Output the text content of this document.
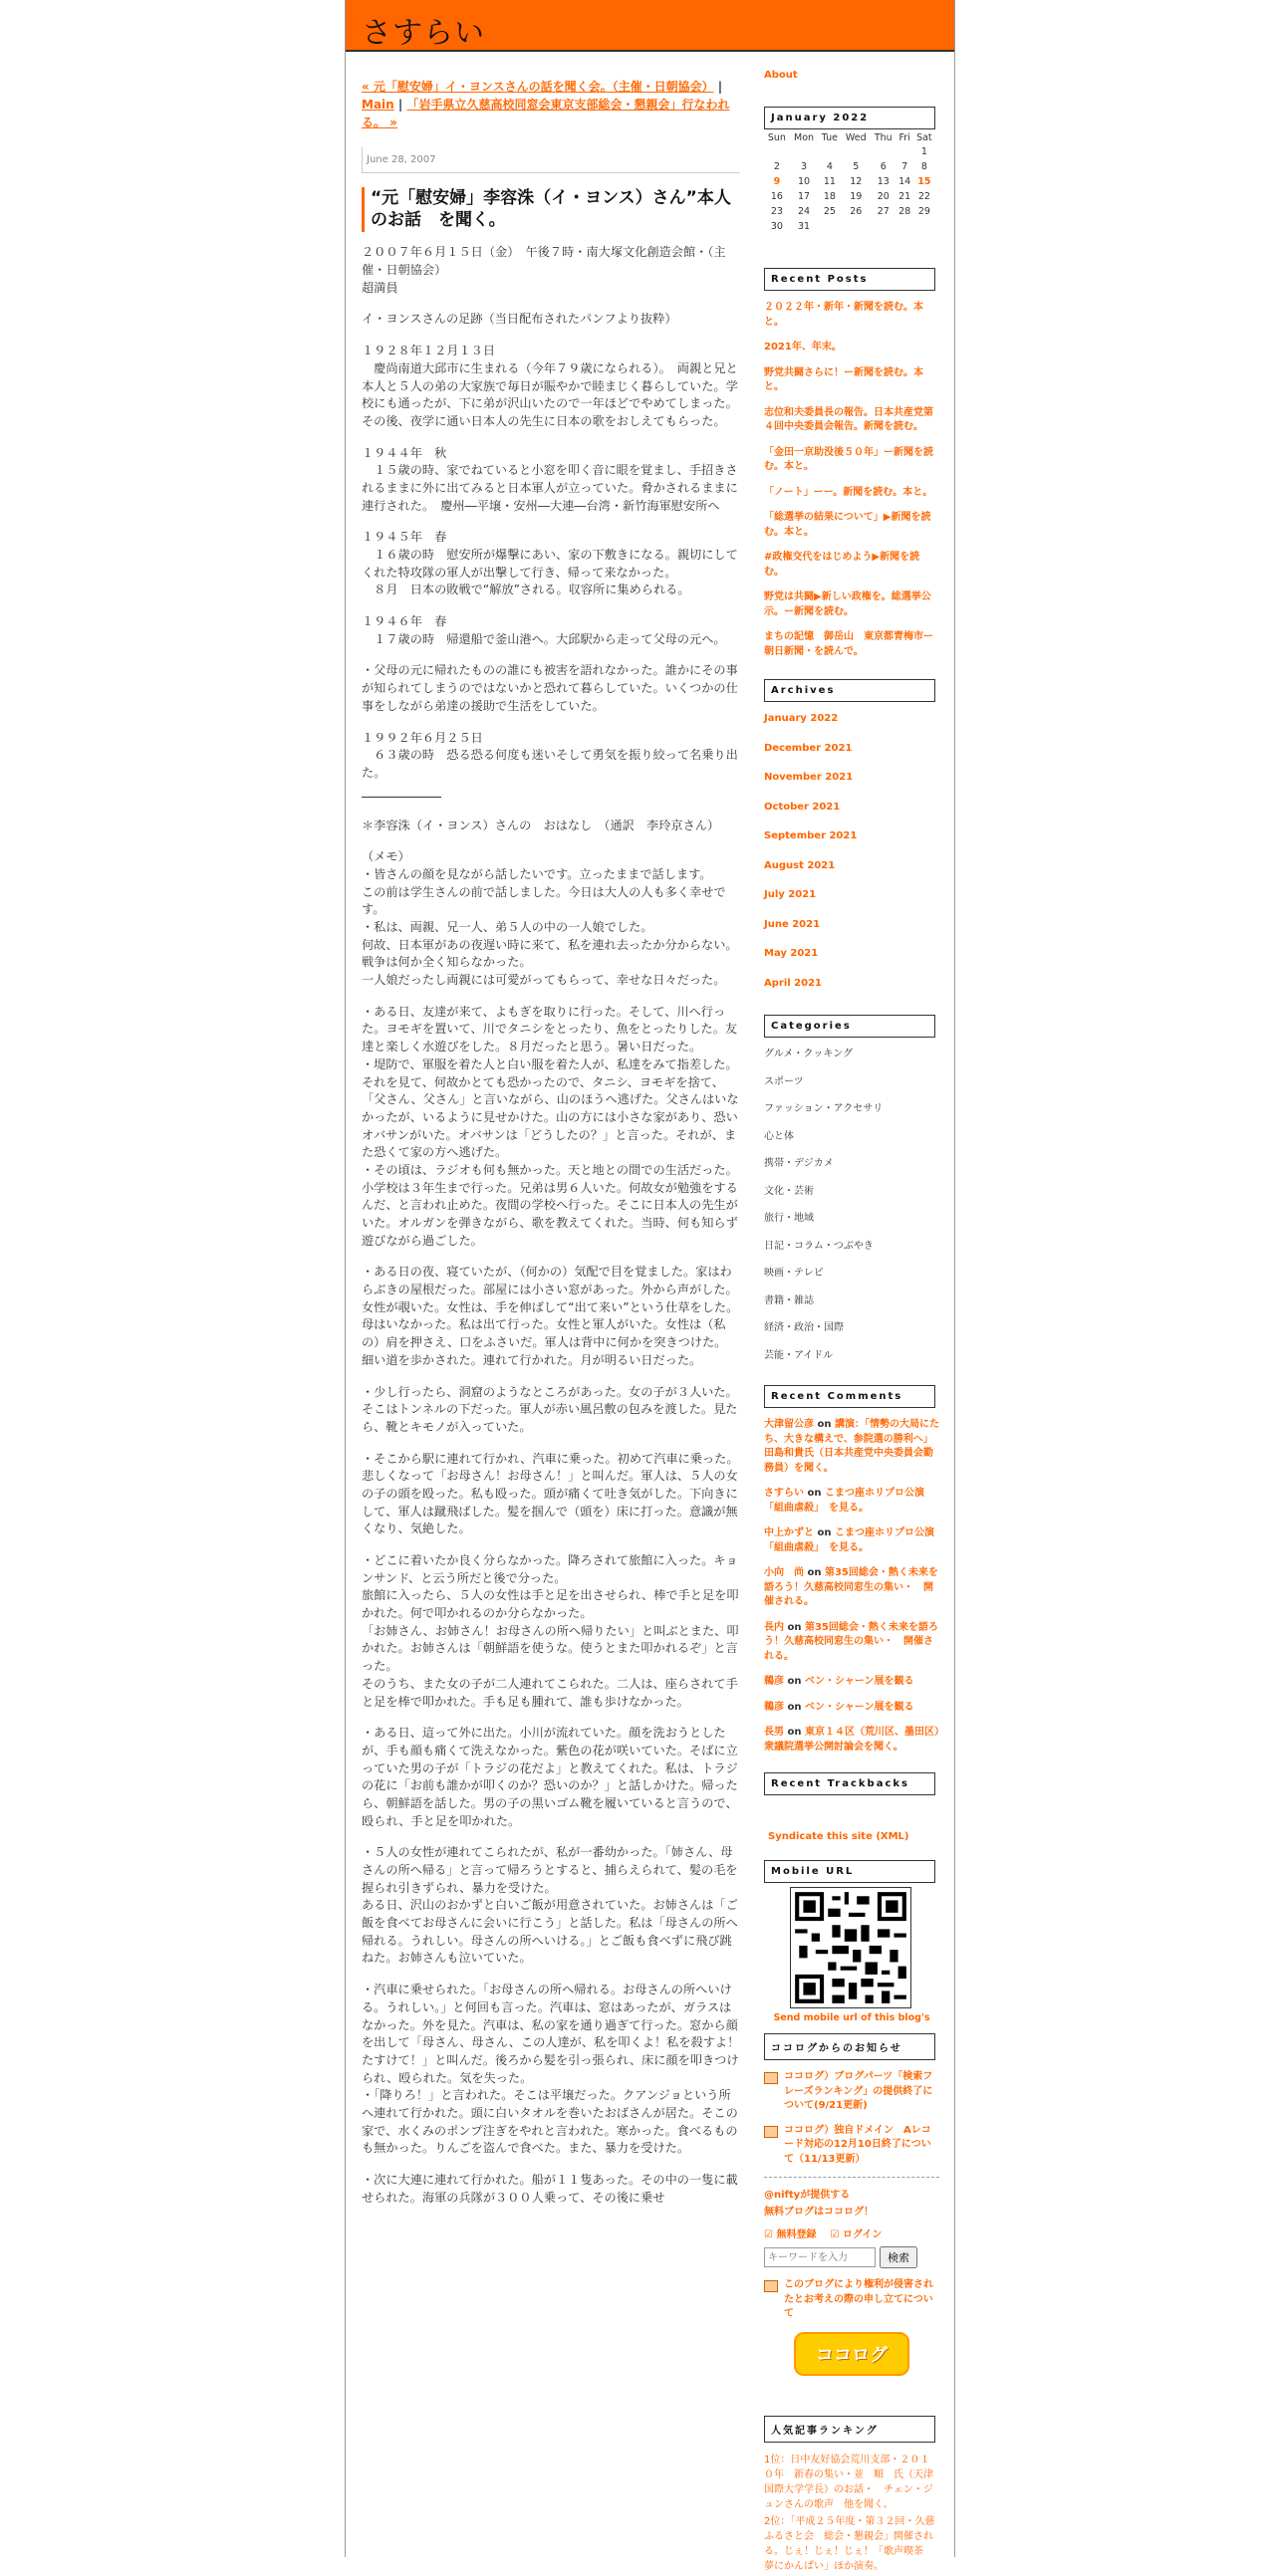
さすらい
« 元「慰安婦」イ・ヨンスさんの話を聞く会。（主催・日朝協会） | Main | 「岩手県立久慈高校同窓会東京支部総会・懇親会」行なわれる。 »
June 28, 2007
“元「慰安婦」李容洙（イ・ヨンス）さん”本人のお話　を聞く。
２００７年６月１５日（金）　午後７時・南大塚文化創造会館・（主催・日朝協会）
超満員
イ・ヨンスさんの足跡（当日配布されたパンフより抜粋）
１９２８年１２月１３日
　慶尚南道大邱市に生まれる（今年７９歳になられる）。　両親と兄と本人と５人の弟の大家族で毎日が賑やかで睦まじく暮らしていた。学校にも通ったが、下に弟が沢山いたので一年ほどでやめてしまった。その後、夜学に通い日本人の先生に日本の歌をおしえてもらった。
１９４４年　秋
　１５歳の時、家でねていると小窓を叩く音に眼を覚まし、手招きされるままに外に出てみると日本軍人が立っていた。脅かされるままに連行された。　慶州―平壌・安州―大連―台湾・新竹海軍慰安所へ
１９４５年　春
　１６歳の時　慰安所が爆撃にあい、家の下敷きになる。親切にしてくれた特攻隊の軍人が出撃して行き、帰って来なかった。
　８月　日本の敗戦で“解放”される。収容所に集められる。
１９４６年　春
　１７歳の時　帰還船で釜山港へ。大邱駅から走って父母の元へ。
・父母の元に帰れたものの誰にも被害を語れなかった。誰かにその事が知られてしまうのではないかと恐れて暮らしていた。いくつかの仕事をしながら弟達の援助で生活をしていた。
１９９２年６月２５日
　６３歳の時　恐る恐る何度も迷いそして勇気を振り絞って名乗り出た。
＊李容洙（イ・ヨンス）さんの　おはなし　（通訳　李玲京さん）
（メモ）
・皆さんの顔を見ながら話したいです。立ったままで話します。
この前は学生さんの前で話しました。今日は大人の人も多く幸せです。
・私は、両親、兄一人、弟５人の中の一人娘でした。
何故、日本軍があの夜遅い時に来て、私を連れ去ったか分からない。戦争は何か全く知らなかった。
一人娘だったし両親には可愛がってもらって、幸せな日々だった。
・ある日、友達が来て、よもぎを取りに行った。そして、川へ行った。ヨモギを置いて、川でタニシをとったり、魚をとったりした。友達と楽しく水遊びをした。８月だったと思う。暑い日だった。
・堤防で、軍服を着た人と白い服を着た人が、私達をみて指差した。それを見て、何故かとても恐かったので、タニシ、ヨモギを捨て、「父さん、父さん」と言いながら、山のほうへ逃げた。父さんはいなかったが、いるように見せかけた。山の方には小さな家があり、恐いオバサンがいた。オバサンは「どうしたの？」と言った。それが、また恐くて家の方へ逃げた。
・その頃は、ラジオも何も無かった。天と地との間での生活だった。小学校は３年生まで行った。兄弟は男６人いた。何故女が勉強をするんだ、と言われ止めた。夜間の学校へ行った。そこに日本人の先生がいた。オルガンを弾きながら、歌を教えてくれた。当時、何も知らず遊びながら過ごした。
・ある日の夜、寝ていたが、（何かの）気配で目を覚ました。家はわらぶきの屋根だった。部屋には小さい窓があった。外から声がした。女性が覗いた。女性は、手を伸ばして“出て来い”という仕草をした。母はいなかった。私は出て行った。女性と軍人がいた。女性は（私の）肩を押さえ、口をふさいだ。軍人は背中に何かを突きつけた。
細い道を歩かされた。連れて行かれた。月が明るい日だった。
・少し行ったら、洞窟のようなところがあった。女の子が３人いた。そこはトンネルの下だった。軍人が赤い風呂敷の包みを渡した。見たら、靴とキモノが入っていた。
・そこから駅に連れて行かれ、汽車に乗った。初めて汽車に乗った。悲しくなって「お母さん！お母さん！」と叫んだ。軍人は、５人の女の子の頭を殴った。私も殴った。頭が痛くて吐き気がした。下向きにして、軍人は蹴飛ばした。髪を掴んで（頭を）床に打った。意識が無くなり、気絶した。
・どこに着いたか良く分らなかった。降ろされて旅館に入った。キョンサンド、と云う所だと後で分った。
旅館に入ったら、５人の女性は手と足を出させられ、棒で手と足を叩かれた。何で叩かれるのか分らなかった。
「お姉さん、お姉さん！お母さんの所へ帰りたい」と叫ぶとまた、叩かれた。お姉さんは「朝鮮語を使うな。使うとまた叩かれるぞ」と言った。
そのうち、また女の子が二人連れてこられた。二人は、座らされて手と足を棒で叩かれた。手も足も腫れて、誰も歩けなかった。
・ある日、這って外に出た。小川が流れていた。顔を洗おうとしたが、手も顔も痛くて洗えなかった。紫色の花が咲いていた。そばに立っていた男の子が「トラジの花だよ」と教えてくれた。私は、トラジの花に「お前も誰かが叩くのか？恐いのか？」と話しかけた。帰ったら、朝鮮語を話した。男の子の黒いゴム靴を履いていると言うので、殴られ、手と足を叩かれた。
・５人の女性が連れてこられたが、私が一番幼かった。「姉さん、母さんの所へ帰る」と言って帰ろうとすると、捕らえられて、髪の毛を握られ引きずられ、暴力を受けた。
ある日、沢山のおかずと白いご飯が用意されていた。お姉さんは「ご飯を食べてお母さんに会いに行こう」と話した。私は「母さんの所へ帰れる。うれしい。母さんの所へいける。」とご飯も食べずに飛び跳ねた。お姉さんも泣いていた。
・汽車に乗せられた。「お母さんの所へ帰れる。お母さんの所へいける。うれしい。」と何回も言った。汽車は、窓はあったが、ガラスはなかった。外を見た。汽車は、私の家を通り過ぎて行った。窓から顔を出して「母さん、母さん、この人達が、私を叩くよ！私を殺すよ！たすけて！」と叫んだ。後ろから髪を引っ張られ、床に顔を叩きつけられ、殴られた。気を失った。
・「降りろ！」と言われた。そこは平壌だった。クアンジョという所へ連れて行かれた。頭に白いタオルを巻いたおばさんが居た。そこの家で、水くみのポンプ注ぎをやれと言われた。寒かった。食べるものも無かった。りんごを盗んで食べた。また、暴力を受けた。
・次に大連に連れて行かれた。船が１１隻あった。その中の一隻に載せられた。海軍の兵隊が３００人乗って、その後に乗せ
About
January 2022
Sun	Mon	Tue	Wed	Thu	Fri	Sat
						1
2	3	4	5	6	7	8
9	10	11	12	13	14	15
16	17	18	19	20	21	22
23	24	25	26	27	28	29
30	31					
Recent Posts
２０２２年・新年・新聞を読む。本と。
2021年、年末。
野党共闘さらに！ー新聞を読む。本と。
志位和夫委員長の報告。日本共産党第４回中央委員会報告。新聞を読む。
「金田一京助没後５０年」ー新聞を読む。本と。
「ノート」ーー。新聞を読む。本と。
「総選挙の結果について」▶新聞を読む。本と。
#政権交代をはじめよう▶新聞を読む。
野党は共闘▶新しい政権を。総選挙公示。ー新聞を読む。
まちの記憶　御岳山　東京都青梅市ー朝日新聞・を読んで。
Archives
January 2022
December 2021
November 2021
October 2021
September 2021
August 2021
July 2021
June 2021
May 2021
April 2021
Categories
グルメ・クッキング
スポーツ
ファッション・アクセサリ
心と体
携帯・デジカメ
文化・芸術
旅行・地域
日記・コラム・つぶやき
映画・テレビ
書籍・雑誌
経済・政治・国際
芸能・アイドル
Recent Comments
大津留公彦 on 講演：「情勢の大局にたち、大きな構えで、参院選の勝利へ」　田島和貴氏（日本共産党中央委員会勤務員）を聞く。
さすらい on こまつ座ホリプロ公演「組曲虐殺」　を見る。
中上かずと on こまつ座ホリプロ公演「組曲虐殺」　を見る。
小向　尚 on 第35回総会・熱く未来を語ろう！久慈高校同窓生の集い・　開催される。
長内 on 第35回総会・熱く未来を語ろう！久慈高校同窓生の集い・　開催される。
鵜彦 on ベン・シャーン展を観る
鵜彦 on ベン・シャーン展を観る
長男 on 東京１４区（荒川区、墨田区）衆議院選挙公開討論会を聞く。
Recent Trackbacks
Syndicate this site (XML)
Mobile URL
Send mobile url of this blog's
ココログからのお知らせ
ココログ）ブログパーツ「検索フレーズランキング」の提供終了について(9/21更新)
ココログ）独自ドメイン　Aレコード対応の12月10日終了について（11/13更新）
@niftyが提供する
無料ブログはココログ！
☑ 無料登録 ☑ ログイン
キーワードを入力
検索
このブログにより権利が侵害されたとお考えの際の申し立てについて
ココログ
人気記事ランキング
1位：日中友好協会荒川支部・２０１０年　新春の集い・並　順　氏（天津国際大学学長）のお話・　チェン・ジュンさんの歌声　他を聞く。
2位：「平成２５年度・第３２回・久慈ふるさと会　総会・懇親会」開催される。じぇ！じぇ！じぇ！「歌声喫茶　夢にかんぱい」ほか演奏。
